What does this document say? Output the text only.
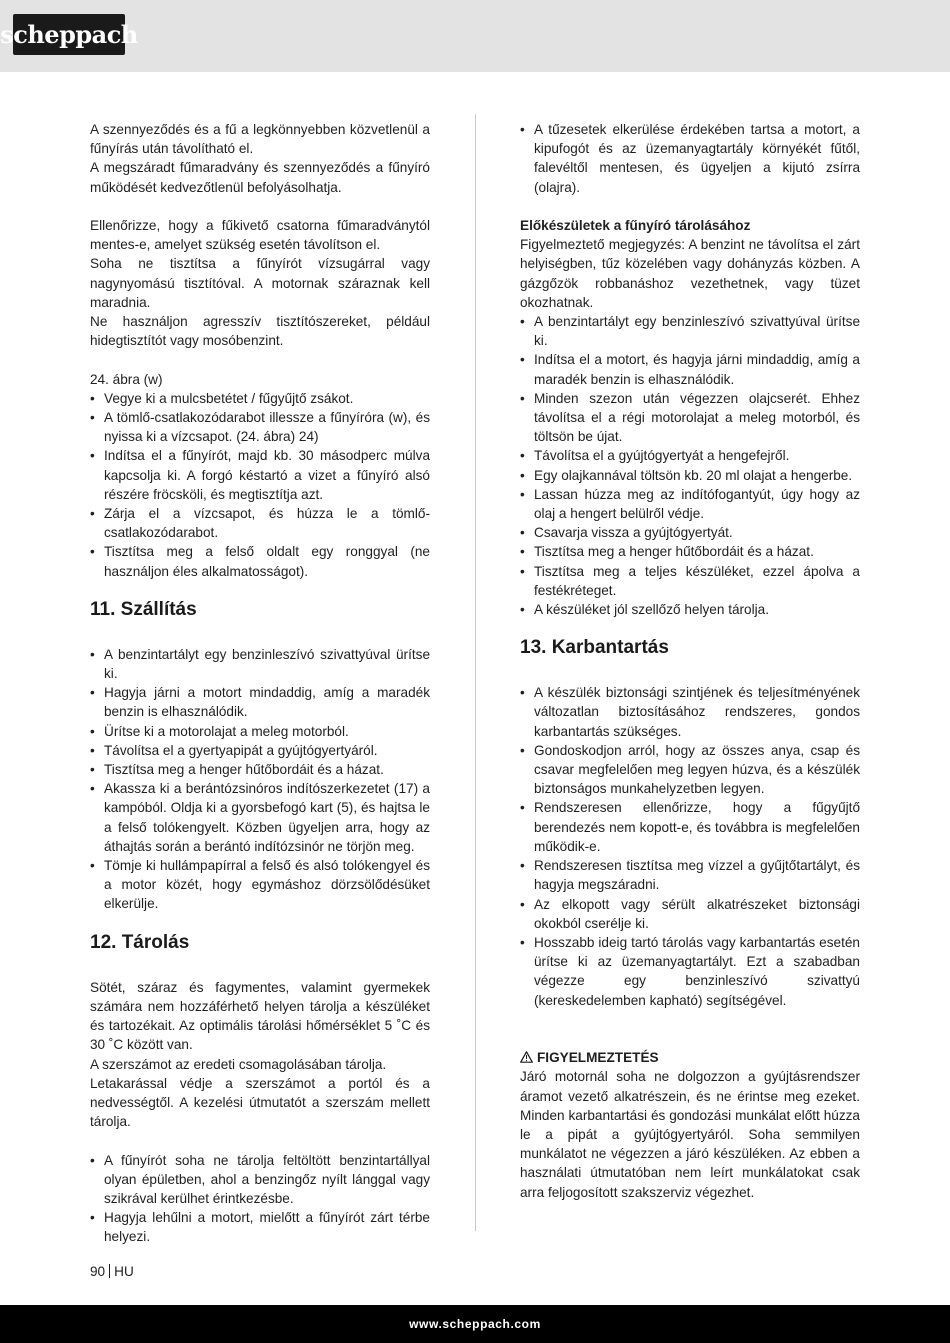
scheppach

A szennyeződés és a fű a legkönnyebben közvetlenül a fűnyírás után távolítható el.

A megszáradt fűmaradvány és szennyeződés a fűnyíró működését kedvezőtlenül befolyásolhatja.

Ellenőrizze, hogy a fűkivető csatorna fűmaradványtól mentes-e, amelyet szükség esetén távolítson el.

Soha ne tisztítsa a fűnyírót vízsugárral vagy nagynyomású tisztítóval. A motornak száraznak kell maradnia.

Ne használjon agresszív tisztítószereket, például hidegtisztítót vagy mosóbenzint.

24. ábra (w)

• Vegye ki a mulcsbetétet / fűgyűjtő zsákot.
• A tömlő-csatlakozódarabot illessze a fűnyíróra (w), és nyissa ki a vízcsapot. (24. ábra) 24)
• Indítsa el a fűnyírót, majd kb. 30 másodperc múlva kapcsolja ki. A forgó késtartó a vizet a fűnyíró alsó részére fröcsköli, és megtisztítja azt.
• Zárja el a vízcsapot, és húzza le a tömlő-csatlakozódarabot.
• Tisztítsa meg a felső oldalt egy ronggyal (ne használjon éles alkalmatosságot).
11. Szállítás
• A benzintartályt egy benzinleszívó szivattyúval ürítse ki.
• Hagyja járni a motort mindaddig, amíg a maradék benzin is elhasználódik.
• Ürítse ki a motorolajat a meleg motorból.
• Távolítsa el a gyertyapipát a gyújtógyertyáról.
• Tisztítsa meg a henger hűtőbordáit és a házat.
• Akassza ki a berántózsinóros indítószerkezetet (17) a kampóból. Oldja ki a gyorsbefogó kart (5), és hajtsa le a felső tolókengyelt. Közben ügyeljen arra, hogy az áthajtás során a berántó indítózsinór ne törjön meg.
• Tömje ki hullámpapírral a felső és alsó tolókengyel és a motor közét, hogy egymáshoz dörzsölődésüket elkerülje.
12. Tárolás

Sötét, száraz és fagymentes, valamint gyermekek számára nem hozzáférhető helyen tárolja a készüléket és tartozékait. Az optimális tárolási hőmérséklet 5 ˚C és 30 ˚C között van.

A szerszámot az eredeti csomagolásában tárolja.

Letakarással védje a szerszámot a portól és a nedvességtől. A kezelési útmutatót a szerszám mellett tárolja.

• A fűnyírót soha ne tárolja feltöltött benzintartállyal olyan épületben, ahol a benzingőz nyílt lánggal vagy szikrával kerülhet érintkezésbe.
• Hagyja lehűlni a motort, mielőtt a fűnyírót zárt térbe helyezi.
• A tűzesetek elkerülése érdekében tartsa a motort, a kipufogót és az üzemanyagtartály környékét fűtől, falevéltől mentesen, és ügyeljen a kijutó zsírra (olajra).
Előkészületek a fűnyíró tárolásához

Figyelmeztető megjegyzés: A benzint ne távolítsa el zárt helyiségben, tűz közelében vagy dohányzás közben. A gázgőzök robbanáshoz vezethetnek, vagy tüzet okozhatnak.

• A benzintartályt egy benzinleszívó szivattyúval ürítse ki.
• Indítsa el a motort, és hagyja járni mindaddig, amíg a maradék benzin is elhasználódik.
• Minden szezon után végezzen olajcserét. Ehhez távolítsa el a régi motorolajat a meleg motorból, és töltsön be újat.
• Távolítsa el a gyújtógyertyát a hengefejről.
• Egy olajkannával töltsön kb. 20 ml olajat a hengerbe.
• Lassan húzza meg az indítófogantyút, úgy hogy az olaj a hengert belülről védje.
• Csavarja vissza a gyújtógyertyát.
• Tisztítsa meg a henger hűtőbordáit és a házat.
• Tisztítsa meg a teljes készüléket, ezzel ápolva a festékréteget.
• A készüléket jól szellőző helyen tárolja.
13. Karbantartás
• A készülék biztonsági szintjének és teljesítményének változatlan biztosításához rendszeres, gondos karbantartás szükséges.
• Gondoskodjon arról, hogy az összes anya, csap és csavar megfelelően meg legyen húzva, és a készülék biztonságos munkahelyzetben legyen.
• Rendszeresen ellenőrizze, hogy a fűgyűjtő berendezés nem kopott-e, és továbbra is megfelelően működik-e.
• Rendszeresen tisztítsa meg vízzel a gyűjtőtartályt, és hagyja megszáradni.
• Az elkopott vagy sérült alkatrészeket biztonsági okokból cserélje ki.
• Hosszabb ideig tartó tárolás vagy karbantartás esetén ürítse ki az üzemanyagtartályt. Ezt a szabadban végezze egy benzinleszívó szivattyú (kereskedelemben kapható) segítségével.
FIGYELMEZTETÉS

Járó motornál soha ne dolgozzon a gyújtásrendszer áramot vezető alkatrészein, és ne érintse meg ezeket. Minden karbantartási és gondozási munkálat előtt húzza le a pipát a gyújtógyertyáról. Soha semmilyen munkálatot ne végezzen a járó készüléken. Az ebben a használati útmutatóban nem leírt munkálatokat csak arra feljogosított szakszerviz végezhet.

90 HU
www.scheppach.com
